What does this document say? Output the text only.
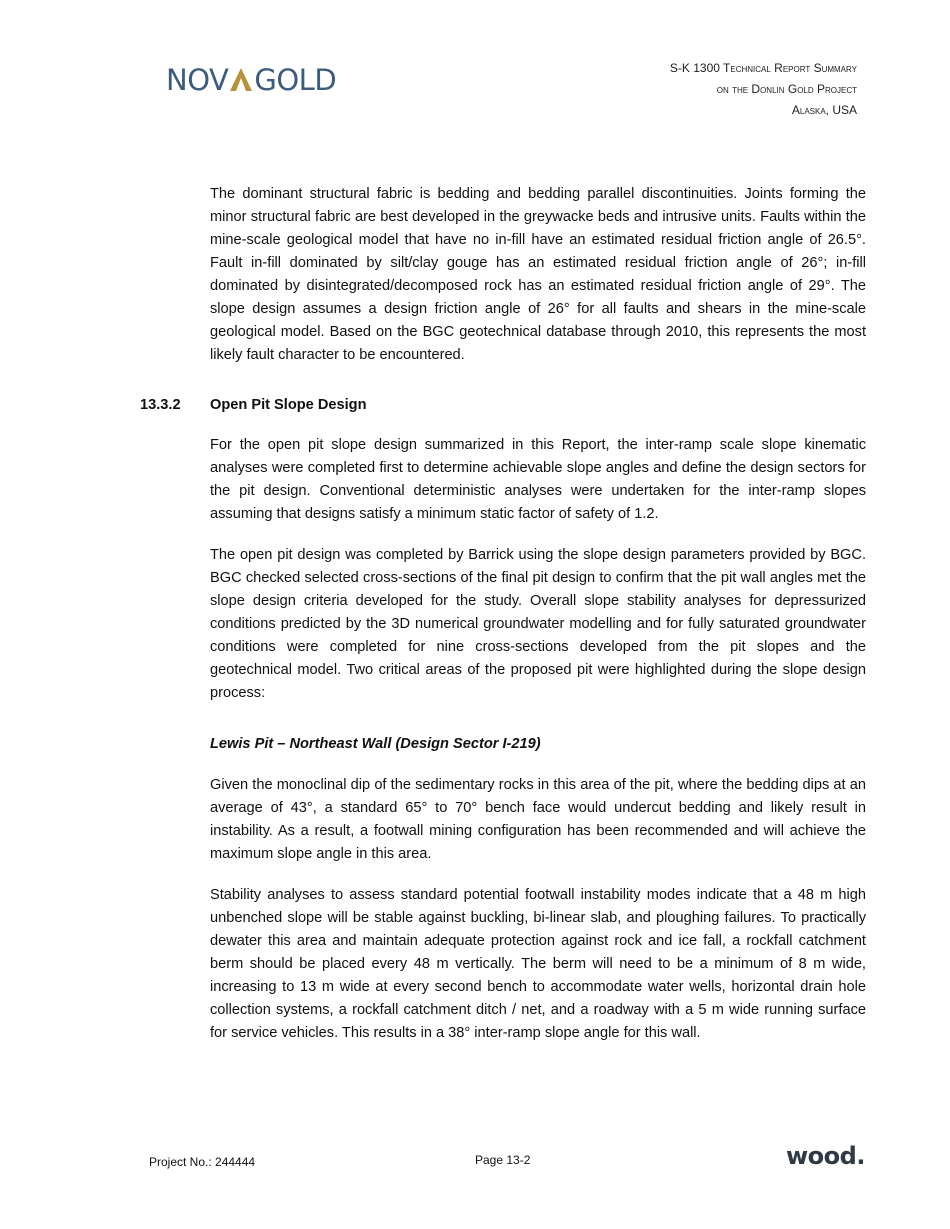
NOV GOLD	S-K 1300 Technical Report Summary
on the Donlin Gold Project
Alaska, USA

The dominant structural fabric is bedding and bedding parallel discontinuities. Joints forming the minor structural fabric are best developed in the greywacke beds and intrusive units. Faults within the mine-scale geological model that have no in-fill have an estimated residual friction angle of 26.5°. Fault in-fill dominated by silt/clay gouge has an estimated residual friction angle of 26°; in-fill dominated by disintegrated/decomposed rock has an estimated residual friction angle of 29°. The slope design assumes a design friction angle of 26° for all faults and shears in the mine-scale geological model. Based on the BGC geotechnical database through 2010, this represents the most likely fault character to be encountered.

13.3.2 Open Pit Slope Design

For the open pit slope design summarized in this Report, the inter-ramp scale slope kinematic analyses were completed first to determine achievable slope angles and define the design sectors for the pit design. Conventional deterministic analyses were undertaken for the inter-ramp slopes assuming that designs satisfy a minimum static factor of safety of 1.2.

The open pit design was completed by Barrick using the slope design parameters provided by BGC. BGC checked selected cross-sections of the final pit design to confirm that the pit wall angles met the slope design criteria developed for the study. Overall slope stability analyses for depressurized conditions predicted by the 3D numerical groundwater modelling and for fully saturated groundwater conditions were completed for nine cross-sections developed from the pit slopes and the geotechnical model. Two critical areas of the proposed pit were highlighted during the slope design process:

Lewis Pit – Northeast Wall (Design Sector I-219)

Given the monoclinal dip of the sedimentary rocks in this area of the pit, where the bedding dips at an average of 43°, a standard 65° to 70° bench face would undercut bedding and likely result in instability. As a result, a footwall mining configuration has been recommended and will achieve the maximum slope angle in this area.

Stability analyses to assess standard potential footwall instability modes indicate that a 48 m high unbenched slope will be stable against buckling, bi-linear slab, and ploughing failures. To practically dewater this area and maintain adequate protection against rock and ice fall, a rockfall catchment berm should be placed every 48 m vertically. The berm will need to be a minimum of 8 m wide, increasing to 13 m wide at every second bench to accommodate water wells, horizontal drain hole collection systems, a rockfall catchment ditch / net, and a roadway with a 5 m wide running surface for service vehicles. This results in a 38° inter-ramp slope angle for this wall.

Project No.: 244444	Page 13-2	wood.
